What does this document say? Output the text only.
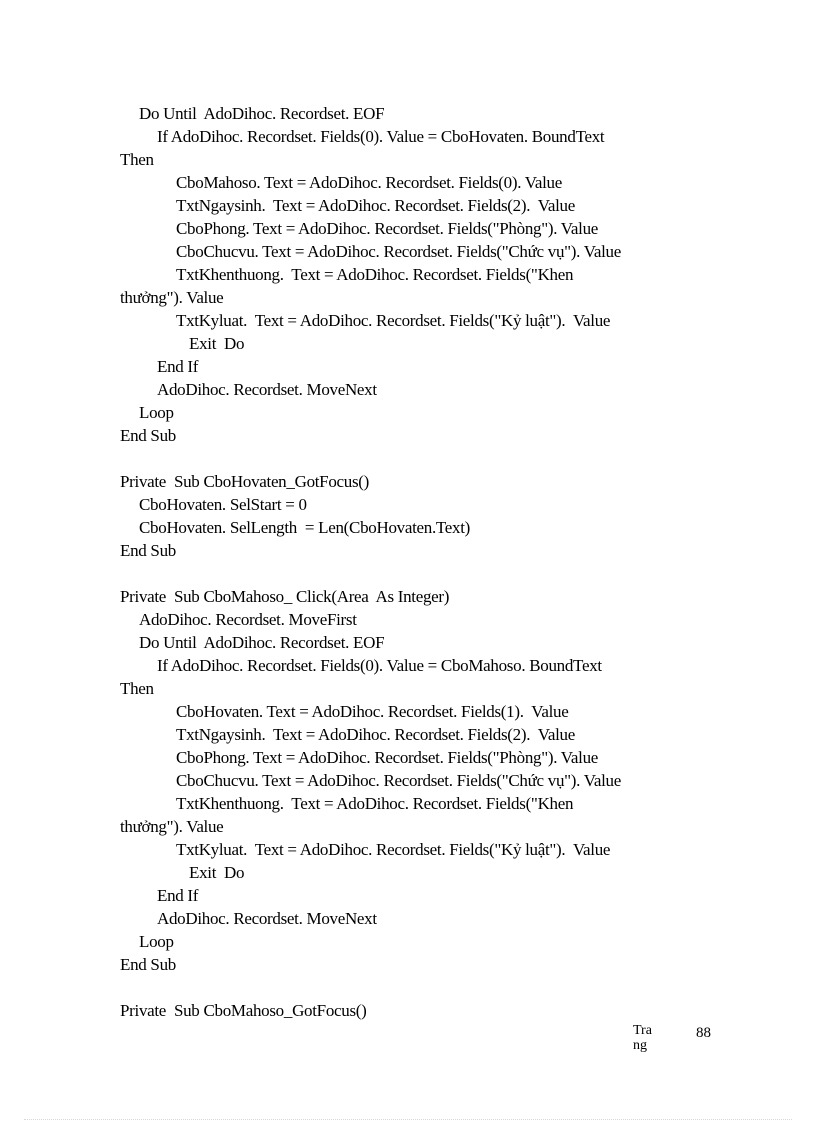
Do Until  AdoDihoc. Recordset. EOF
If AdoDihoc. Recordset. Fields(0). Value = CboHovaten. BoundText
Then
CboMahoso. Text = AdoDihoc. Recordset. Fields(0). Value
TxtNgaysinh.  Text = AdoDihoc. Recordset. Fields(2).  Value
CboPhong. Text = AdoDihoc. Recordset. Fields("Phòng"). Value
CboChucvu. Text = AdoDihoc. Recordset. Fields("Chức vụ"). Value
TxtKhenthuong.  Text = AdoDihoc. Recordset. Fields("Khen
thưởng"). Value
TxtKyluat.  Text = AdoDihoc. Recordset. Fields("Kỷ luật").  Value
Exit  Do
End If
AdoDihoc. Recordset. MoveNext
Loop
End Sub
Private  Sub CboHovaten_GotFocus()
CboHovaten. SelStart = 0
CboHovaten. SelLength  = Len(CboHovaten.Text)
End Sub
Private  Sub CboMahoso_ Click(Area  As Integer)
AdoDihoc. Recordset. MoveFirst
Do Until  AdoDihoc. Recordset. EOF
If AdoDihoc. Recordset. Fields(0). Value = CboMahoso. BoundText
Then
CboHovaten. Text = AdoDihoc. Recordset. Fields(1).  Value
TxtNgaysinh.  Text = AdoDihoc. Recordset. Fields(2).  Value
CboPhong. Text = AdoDihoc. Recordset. Fields("Phòng"). Value
CboChucvu. Text = AdoDihoc. Recordset. Fields("Chức vụ"). Value
TxtKhenthuong.  Text = AdoDihoc. Recordset. Fields("Khen
thưởng"). Value
TxtKyluat.  Text = AdoDihoc. Recordset. Fields("Kỷ luật").  Value
Exit  Do
End If
AdoDihoc. Recordset. MoveNext
Loop
End Sub
Private  Sub CboMahoso_GotFocus()
Trang
88
